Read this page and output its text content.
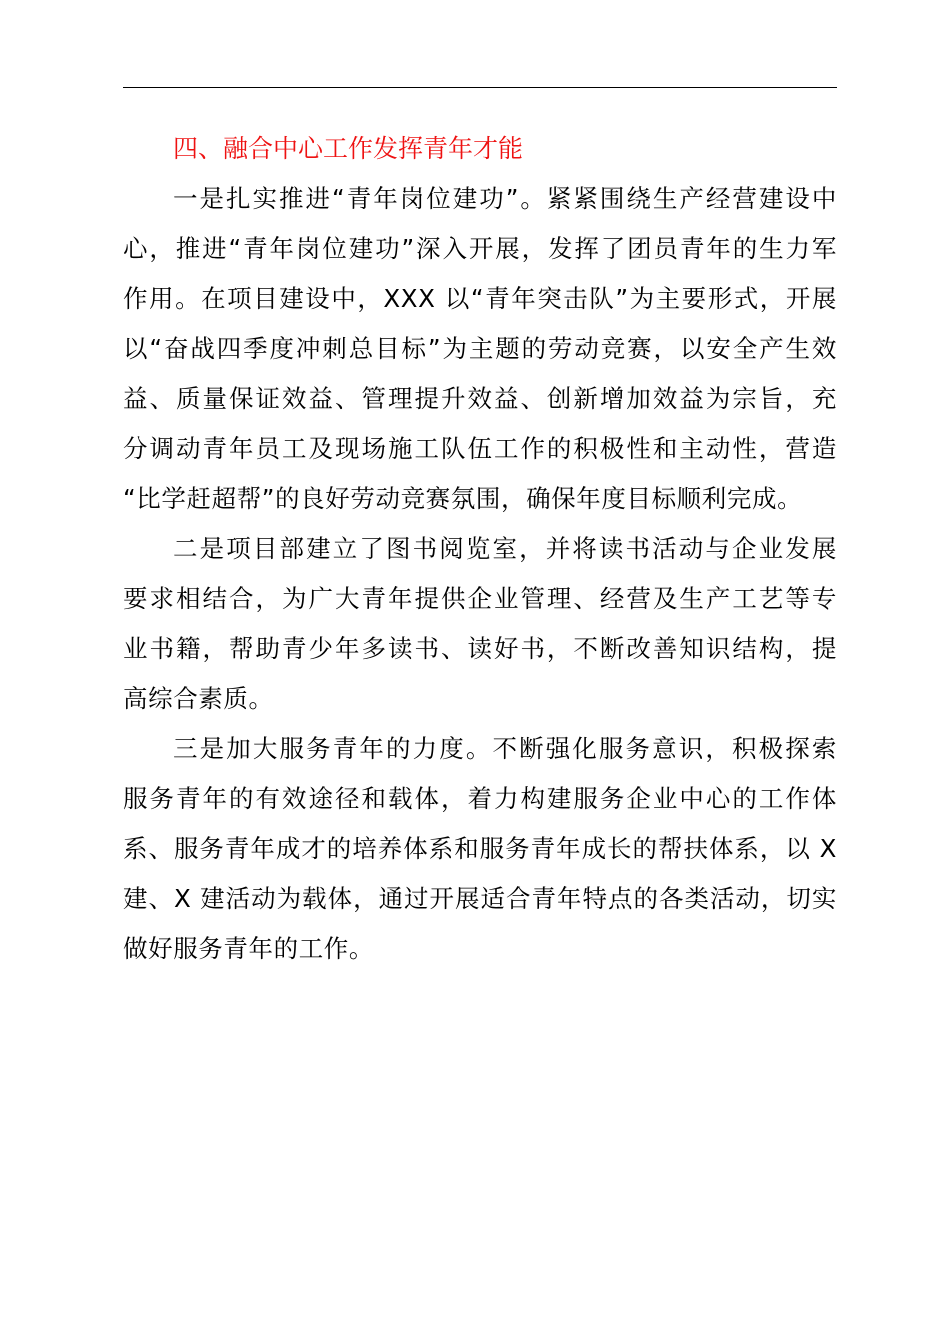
四、融合中心工作发挥青年才能

一是扎实推进“青年岗位建功”。紧紧围绕生产经营建设中
心，推进“青年岗位建功”深入开展，发挥了团员青年的生力军
作用。在项目建设中，XXX 以“青年突击队”为主要形式，开展
以“奋战四季度冲刺总目标”为主题的劳动竞赛，以安全产生效
益、质量保证效益、管理提升效益、创新增加效益为宗旨，充
分调动青年员工及现场施工队伍工作的积极性和主动性，营造
“比学赶超帮”的良好劳动竞赛氛围，确保年度目标顺利完成。

二是项目部建立了图书阅览室，并将读书活动与企业发展
要求相结合，为广大青年提供企业管理、经营及生产工艺等专
业书籍，帮助青少年多读书、读好书，不断改善知识结构，提
高综合素质。

三是加大服务青年的力度。不断强化服务意识，积极探索
服务青年的有效途径和载体，着力构建服务企业中心的工作体
系、服务青年成才的培养体系和服务青年成长的帮扶体系，以 X
建、X 建活动为载体，通过开展适合青年特点的各类活动，切实
做好服务青年的工作。
